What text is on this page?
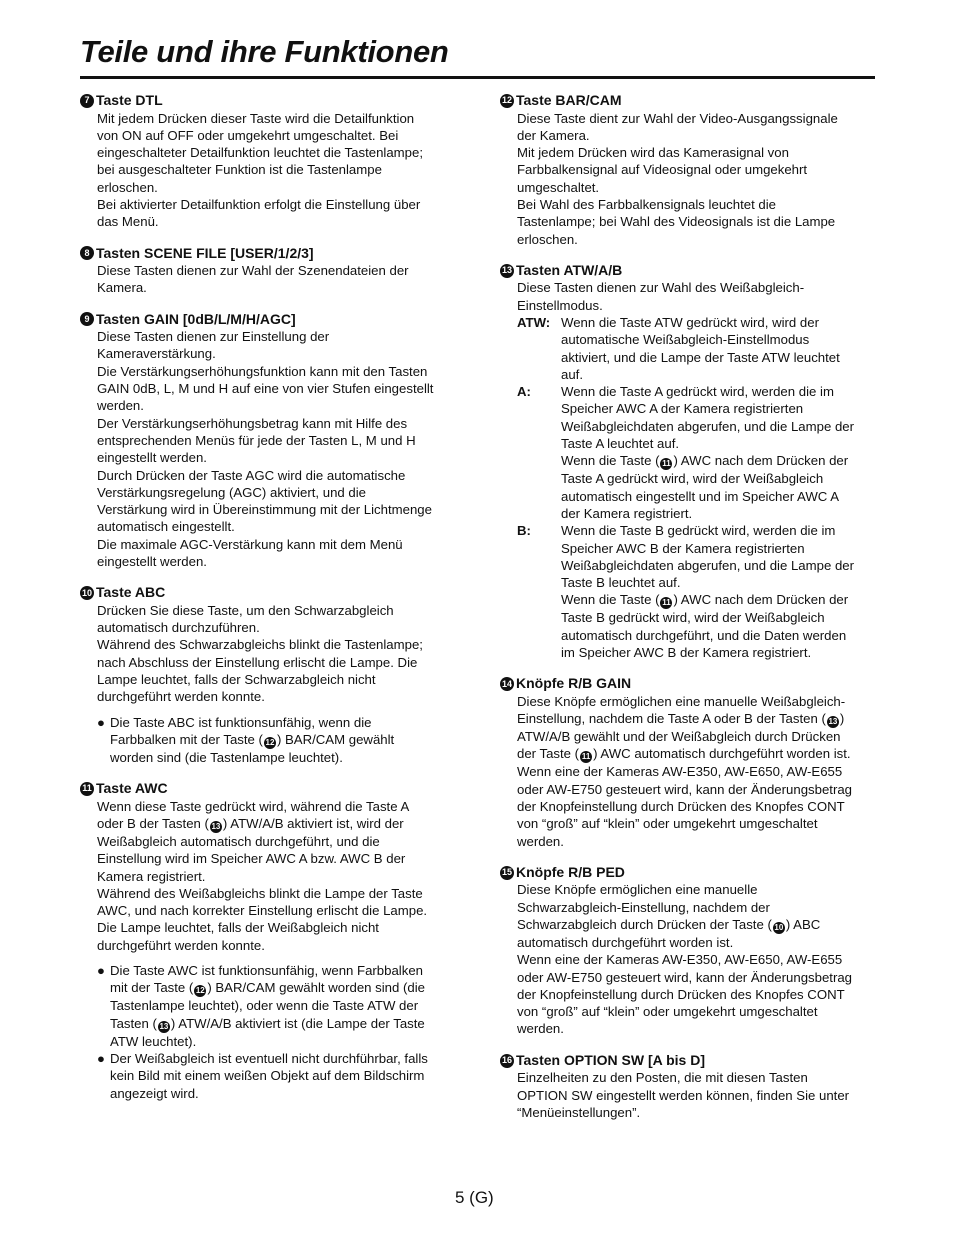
Teile und ihre Funktionen
7 Taste DTL

Mit jedem Drücken dieser Taste wird die Detailfunktion

von ON auf OFF oder umgekehrt umgeschaltet. Bei

eingeschalteter Detailfunktion leuchtet die Tastenlampe;

bei ausgeschalteter Funktion ist die Tastenlampe

erloschen.

Bei aktivierter Detailfunktion erfolgt die Einstellung über

das Menü.

8 Tasten SCENE FILE [USER/1/2/3]

Diese Tasten dienen zur Wahl der Szenendateien der

Kamera.

9 Tasten GAIN [0dB/L/M/H/AGC]

Diese Tasten dienen zur Einstellung der

Kameraverstärkung.

Die Verstärkungserhöhungsfunktion kann mit den Tasten

GAIN 0dB, L, M und H auf eine von vier Stufen eingestellt

werden.

Der Verstärkungserhöhungsbetrag kann mit Hilfe des

entsprechenden Menüs für jede der Tasten L, M und H

eingestellt werden.

Durch Drücken der Taste AGC wird die automatische

Verstärkungsregelung (AGC) aktiviert, und die

Verstärkung wird in Übereinstimmung mit der Lichtmenge

automatisch eingestellt.

Die maximale AGC-Verstärkung kann mit dem Menü

eingestellt werden.

10 Taste ABC

Drücken Sie diese Taste, um den Schwarzabgleich

automatisch durchzuführen.

Während des Schwarzabgleichs blinkt die Tastenlampe;

nach Abschluss der Einstellung erlischt die Lampe. Die

Lampe leuchtet, falls der Schwarzabgleich nicht

durchgeführt werden konnte.

● Die Taste ABC ist funktionsunfähig, wenn die

Farbbalken mit der Taste ( 12 ) BAR/CAM gewählt

worden sind (die Tastenlampe leuchtet).

11 Taste AWC

Wenn diese Taste gedrückt wird, während die Taste A

oder B der Tasten ( 13 ) ATW/A/B aktiviert ist, wird der

Weißabgleich automatisch durchgeführt, und die

Einstellung wird im Speicher AWC A bzw. AWC B der

Kamera registriert.

Während des Weißabgleichs blinkt die Lampe der Taste

AWC, und nach korrekter Einstellung erlischt die Lampe.

Die Lampe leuchtet, falls der Weißabgleich nicht

durchgeführt werden konnte.

● Die Taste AWC ist funktionsunfähig, wenn Farbbalken

mit der Taste ( 12 ) BAR/CAM gewählt worden sind (die

Tastenlampe leuchtet), oder wenn die Taste ATW der

Tasten ( 13 ) ATW/A/B aktiviert ist (die Lampe der Taste

ATW leuchtet).

● Der Weißabgleich ist eventuell nicht durchführbar, falls

kein Bild mit einem weißen Objekt auf dem Bildschirm

angezeigt wird.

12 Taste BAR/CAM

Diese Taste dient zur Wahl der Video-Ausgangssignale

der Kamera.

Mit jedem Drücken wird das Kamerasignal von

Farbbalkensignal auf Videosignal oder umgekehrt

umgeschaltet.

Bei Wahl des Farbbalkensignals leuchtet die

Tastenlampe; bei Wahl des Videosignals ist die Lampe

erloschen.

13 Tasten ATW/A/B

Diese Tasten dienen zur Wahl des Weißabgleich-

Einstellmodus.

ATW: Wenn die Taste ATW gedrückt wird, wird der

automatische Weißabgleich-Einstellmodus

aktiviert, und die Lampe der Taste ATW leuchtet

auf.

A:	Wenn die Taste A gedrückt wird, werden die im

Speicher AWC A der Kamera registrierten

Weißabgleichdaten abgerufen, und die Lampe der

Taste A leuchtet auf.

Wenn die Taste ( 11 ) AWC nach dem Drücken der

Taste A gedrückt wird, wird der Weißabgleich

automatisch eingestellt und im Speicher AWC A

der Kamera registriert.

B:	Wenn die Taste B gedrückt wird, werden die im

Speicher AWC B der Kamera registrierten

Weißabgleichdaten abgerufen, und die Lampe der

Taste B leuchtet auf.

Wenn die Taste ( 11 ) AWC nach dem Drücken der

Taste B gedrückt wird, wird der Weißabgleich

automatisch durchgeführt, und die Daten werden

im Speicher AWC B der Kamera registriert.

14 Knöpfe R/B GAIN

Diese Knöpfe ermöglichen eine manuelle Weißabgleich-

Einstellung, nachdem die Taste A oder B der Tasten ( 13 )

ATW/A/B gewählt und der Weißabgleich durch Drücken

der Taste ( 11 ) AWC automatisch durchgeführt worden ist.

Wenn eine der Kameras AW-E350, AW-E650, AW-E655

oder AW-E750 gesteuert wird, kann der Änderungsbetrag

der Knopfeinstellung durch Drücken des Knopfes CONT

von “groß” auf “klein” oder umgekehrt umgeschaltet

werden.

15 Knöpfe R/B PED

Diese Knöpfe ermöglichen eine manuelle

Schwarzabgleich-Einstellung, nachdem der

Schwarzabgleich durch Drücken der Taste ( 10 ) ABC

automatisch durchgeführt worden ist.

Wenn eine der Kameras AW-E350, AW-E650, AW-E655

oder AW-E750 gesteuert wird, kann der Änderungsbetrag

der Knopfeinstellung durch Drücken des Knopfes CONT

von “groß” auf “klein” oder umgekehrt umgeschaltet

werden.

16 Tasten OPTION SW [A bis D]

Einzelheiten zu den Posten, die mit diesen Tasten

OPTION SW eingestellt werden können, finden Sie unter

“Menüeinstellungen”.

5 (G)
